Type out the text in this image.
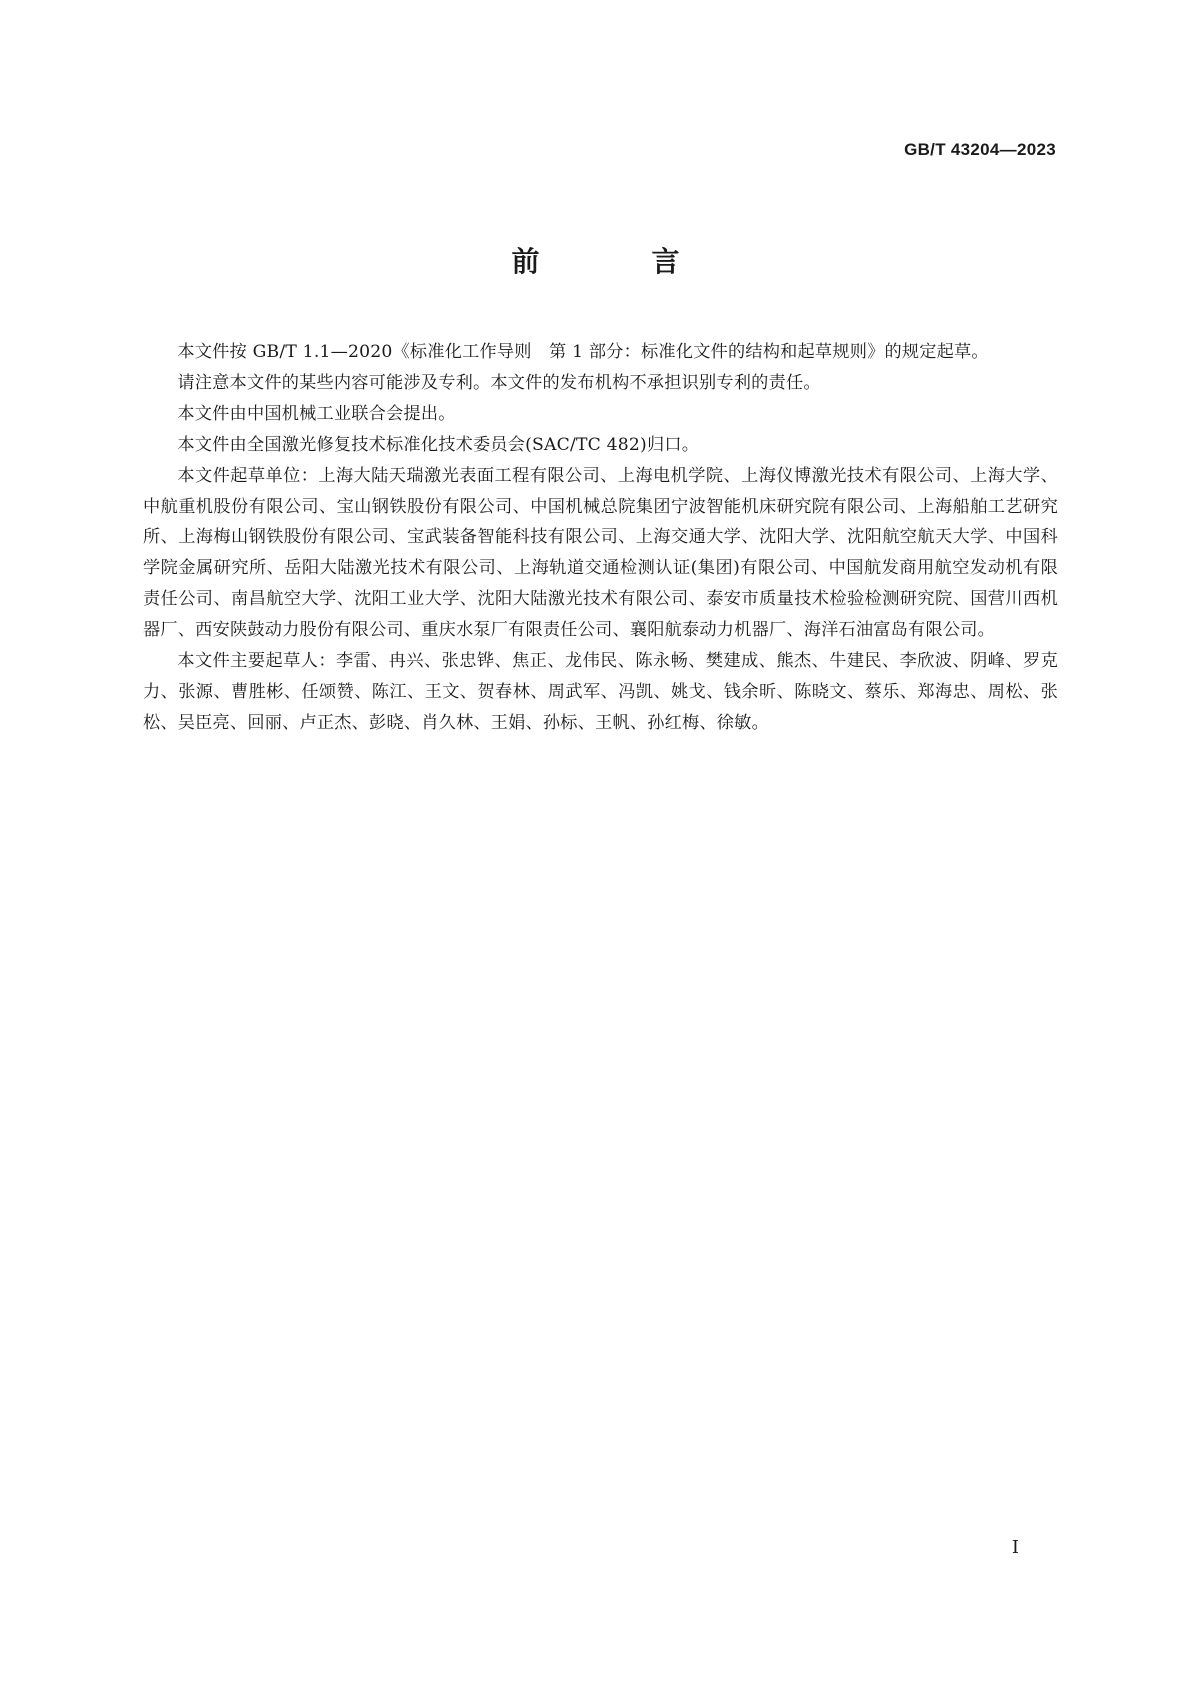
GB/T 43204—2023
前　言

本文件按 GB/T 1.1—2020《标准化工作导则　第 1 部分：标准化文件的结构和起草规则》的规定起草。

请注意本文件的某些内容可能涉及专利。本文件的发布机构不承担识别专利的责任。

本文件由中国机械工业联合会提出。

本文件由全国激光修复技术标准化技术委员会(SAC/TC 482)归口。

本文件起草单位：上海大陆天瑞激光表面工程有限公司、上海电机学院、上海仪博激光技术有限公司、上海大学、中航重机股份有限公司、宝山钢铁股份有限公司、中国机械总院集团宁波智能机床研究院有限公司、上海船舶工艺研究所、上海梅山钢铁股份有限公司、宝武装备智能科技有限公司、上海交通大学、沈阳大学、沈阳航空航天大学、中国科学院金属研究所、岳阳大陆激光技术有限公司、上海轨道交通检测认证(集团)有限公司、中国航发商用航空发动机有限责任公司、南昌航空大学、沈阳工业大学、沈阳大陆激光技术有限公司、泰安市质量技术检验检测研究院、国营川西机器厂、西安陕鼓动力股份有限公司、重庆水泵厂有限责任公司、襄阳航泰动力机器厂、海洋石油富岛有限公司。

本文件主要起草人：李雷、冉兴、张忠铧、焦正、龙伟民、陈永畅、樊建成、熊杰、牛建民、李欣波、阴峰、罗克力、张源、曹胜彬、任颂赞、陈江、王文、贺春林、周武军、冯凯、姚戈、钱余昕、陈晓文、蔡乐、郑海忠、周松、张松、吴臣亮、回丽、卢正杰、彭晓、肖久林、王娟、孙标、王帆、孙红梅、徐敏。

I
